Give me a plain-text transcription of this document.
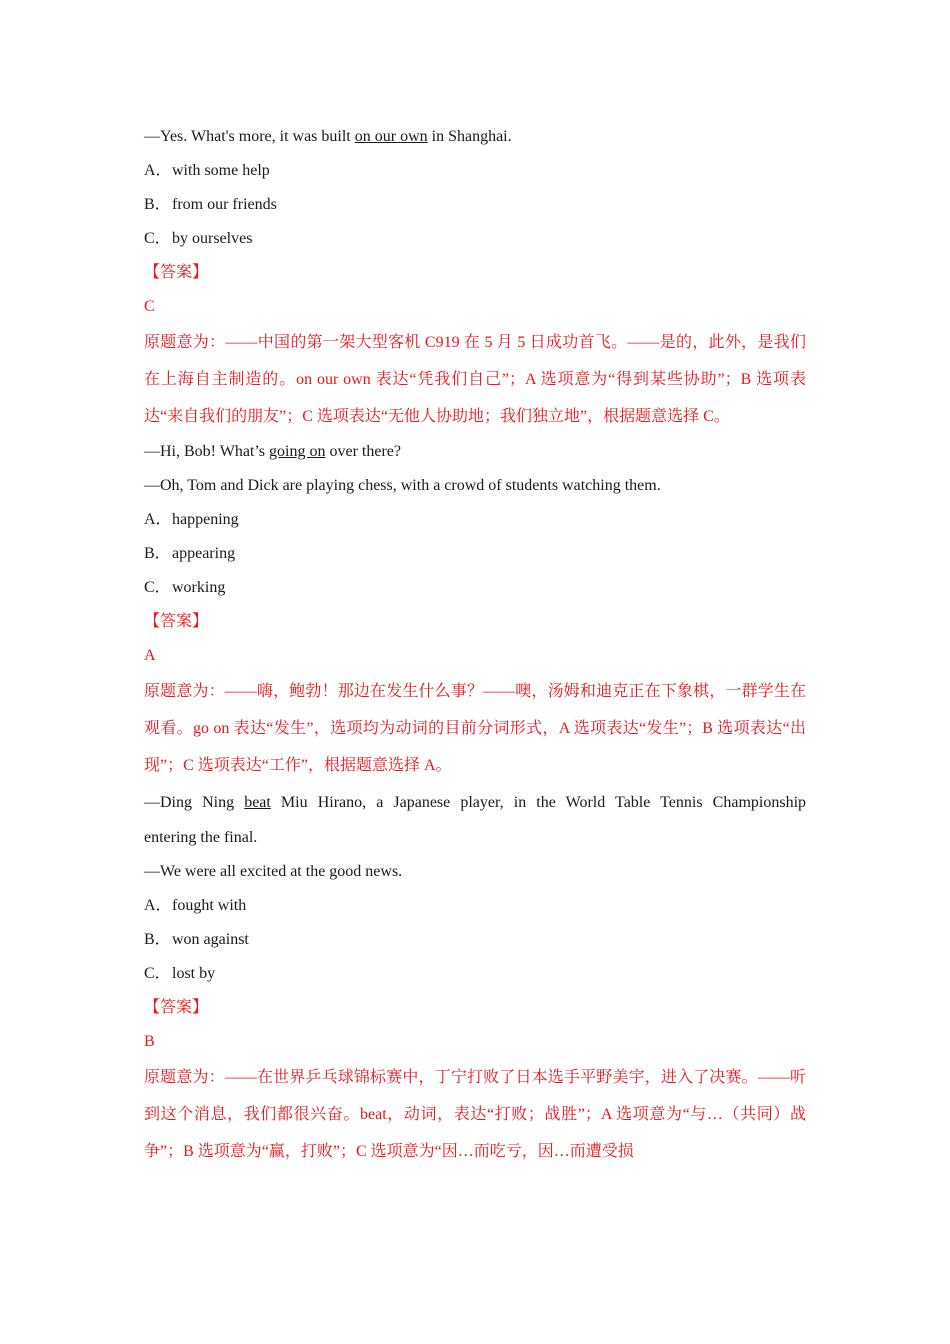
—Yes. What's more, it was built on our own in Shanghai.
A．with some help
B．from our friends
C．by ourselves
【答案】
C
原题意为：——中国的第一架大型客机 C919 在 5 月 5 日成功首飞。——是的，此外，是我们在上海自主制造的。on our own 表达“凭我们自己”；A 选项意为“得到某些协助”；B 选项表达“来自我们的朋友”；C 选项表达“无他人协助地；我们独立地”，根据题意选择 C。
—Hi, Bob! What’s going on over there?
—Oh, Tom and Dick are playing chess, with a crowd of students watching them.
A．happening
B．appearing
C．working
【答案】
A
原题意为：——嗨，鲍勃！那边在发生什么事？——噢，汤姆和迪克正在下象棋，一群学生在观看。go on 表达“发生”，选项均为动词的目前分词形式，A 选项表达“发生”；B 选项表达“出现”；C 选项表达“工作”，根据题意选择 A。
—Ding Ning beat Miu Hirano, a Japanese player, in the World Table Tennis Championship
entering the final.
—We were all excited at the good news.
A．fought with
B．won against
C．lost by
【答案】
B
原题意为：——在世界乒乓球锦标赛中，丁宁打败了日本选手平野美宇，进入了决赛。——听到这个消息，我们都很兴奋。beat，动词，表达“打败；战胜”；A 选项意为“与…（共同）战争”；B 选项意为“赢，打败”；C 选项意为“因…而吃亏，因…而遭受损
